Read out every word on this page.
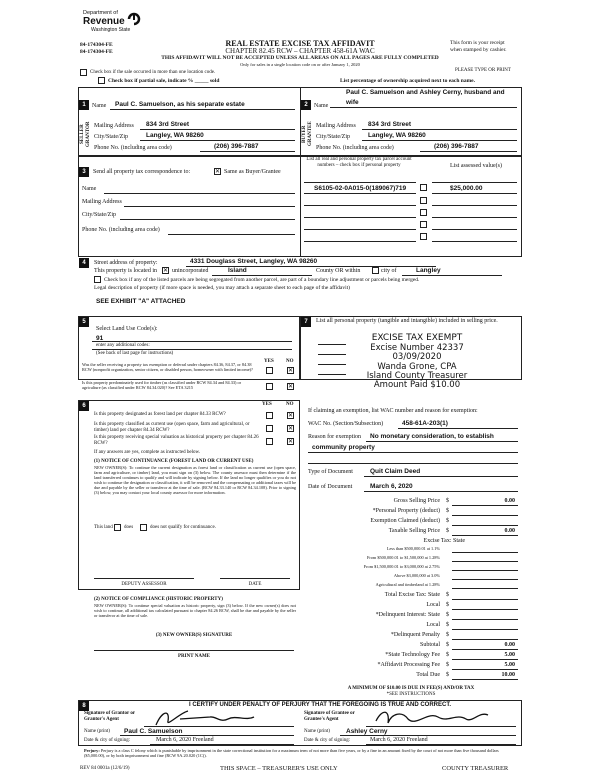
Department of
Revenue
Washington State
84-174304-FE
84-174304-FE
REAL ESTATE EXCISE TAX AFFIDAVIT
CHAPTER 82.45 RCW – CHAPTER 458-61A WAC
THIS AFFIDAVIT WILL NOT BE ACCEPTED UNLESS ALL AREAS ON ALL PAGES ARE FULLY COMPLETED
Only for sales in a single location code on or after January 1, 2020
This form is your receipt
when stamped by cashier.
PLEASE TYPE OR PRINT
Check box if the sale occurred in more than one location code.
Check box if partial sale, indicate % _____ sold	List percentage of ownership acquired next to each name.
1
SELLER GRANTOR
Name Paul C. Samuelson, as his separate estate
Mailing Address 834 3rd Street
City/State/Zip	Langley, WA 98260
Phone No. (including area code)	(206) 396-7887
2
BUYER GRANTEE
Name
Paul C. Samuelson and Ashley Cerny, husband and
wife
Mailing Address 834 3rd Street
City/State/Zip	Langley, WA 98260
Phone No. (including area code)	(206) 396-7887
3	Send all property tax correspondence to:	✕ Same as Buyer/Grantee
Name
Mailing Address
City/State/Zip
Phone No. (including area code)
List all real and personal property tax parcel account numbers – check box if personal property	List assessed value(s)
S6105-02-0A015-0(189067)719	$25,000.00
4	Street address of property:	4331 Douglass Street, Langley, WA 98260
This property is located in ✕ unincorporated	Island	County OR within	city of	Langley
Check box if any of the listed parcels are being segregated from another parcel, are part of a boundary line adjustment or parcels being merged.
Legal description of property (if more space is needed, you may attach a separate sheet to each page of the affidavit)
SEE EXHIBIT "A" ATTACHED
5
Select Land Use Code(s):
91
enter any additional codes:
(See back of last page for instructions)
YES NO
Was the seller receiving a property tax exemption or deferral under chapters 84.36, 84.37, or 84.38 RCW (nonprofit organization, senior citizen, or disabled person, homeowner with limited income)?	✕
Is this property predominately used for timber (as classified under RCW 84.34 and 84.33) or agriculture (as classified under RCW 84.34.020)? See ETA 3215	✕
6	YES	NO
Is this property designated as forest land per chapter 84.33 RCW?	✕
Is this property classified as current use (open space, farm and agricultural, or timber) land per chapter 84.34 RCW?	✕
Is this property receiving special valuation as historical property per chapter 84.26 RCW?	✕
If any answers are yes, complete as instructed below.
(1) NOTICE OF CONTINUANCE (FOREST LAND OR CURRENT USE)
NEW OWNER(S): To continue the current designation as forest land or classification as current use (open space, farm and agriculture, or timber) land, you must sign on (3) below. The county assessor must then determine if the land transferred continues to qualify and will indicate by signing below. If the land no longer qualifies or you do not wish to continue the designation or classification, it will be removed and the compensating or additional taxes will be due and payable by the seller or transferor at the time of sale. (RCW 84.33.140 or RCW 84.34.108). Prior to signing (3) below, you may contact your local county assessor for more information.
This land does	does not qualify for continuance.
DEPUTY ASSESSOR	DATE
(2) NOTICE OF COMPLIANCE (HISTORIC PROPERTY)
NEW OWNER(S): To continue special valuation as historic property, sign (3) below. If the new owner(s) does not wish to continue, all additional tax calculated pursuant to chapter 84.26 RCW, shall be due and payable by the seller or transferor at the time of sale.
(3) NEW OWNER(S) SIGNATURE
PRINT NAME
7	List all personal property (tangible and intangible) included in selling price.
EXCISE TAX EXEMPT
Excise Number 42337
03/09/2020
Wanda Grone, CPA
Island County Treasurer
Amount Paid $10.00
If claiming an exemption, list WAC number and reason for exemption:
WAC No. (Section/Subsection)	458-61A-203(1)
Reason for exemption No monetary consideration, to establish
community property
Type of Document	Quit Claim Deed
Date of Document	March 6, 2020
Gross Selling Price $	0.00
*Personal Property (deduct) $
Exemption Claimed (deduct) $
Taxable Selling Price $	0.00
Excise Tax: State
Less than $500,000.01 at 1.1%
From $500,000.01 to $1,500,000 at 1.28%
From $1,500,000.01 to $3,000,000 at 2.75%
Above $3,000,000 at 3.0%
Agricultural and timberland at 1.28%
Total Excise Tax: State $
Local $
*Delinquent Interest: State $
Local $
*Delinquent Penalty $
Subtotal $	0.00
*State Technology Fee $	5.00
*Affidavit Processing Fee $	5.00
Total Due $	10.00
A MINIMUM OF $10.00 IS DUE IN FEE(S) AND/OR TAX
*SEE INSTRUCTIONS
8	I CERTIFY UNDER PENALTY OF PERJURY THAT THE FOREGOING IS TRUE AND CORRECT.
Signature of Grantor or Grantor's Agent
Signature of Grantee or Grantee's Agent
Name (print) Paul C. Samuelson	Name (print) Ashley Cerny
Date & city of signing:	March 6, 2020 Freeland	Date & city of signing:	March 6, 2020 Freeland
Perjury: Perjury is a class C felony which is punishable by imprisonment in the state correctional institution for a maximum term of not more than five years, or by a fine in an amount fixed by the court of not more than five thousand dollars ($5,000.00), or by both imprisonment and fine (RCW 9A.20.020 (1C)).
REV 84 0001a (12/6/19)	THIS SPACE – TREASURER'S USE ONLY	COUNTY TREASURER
